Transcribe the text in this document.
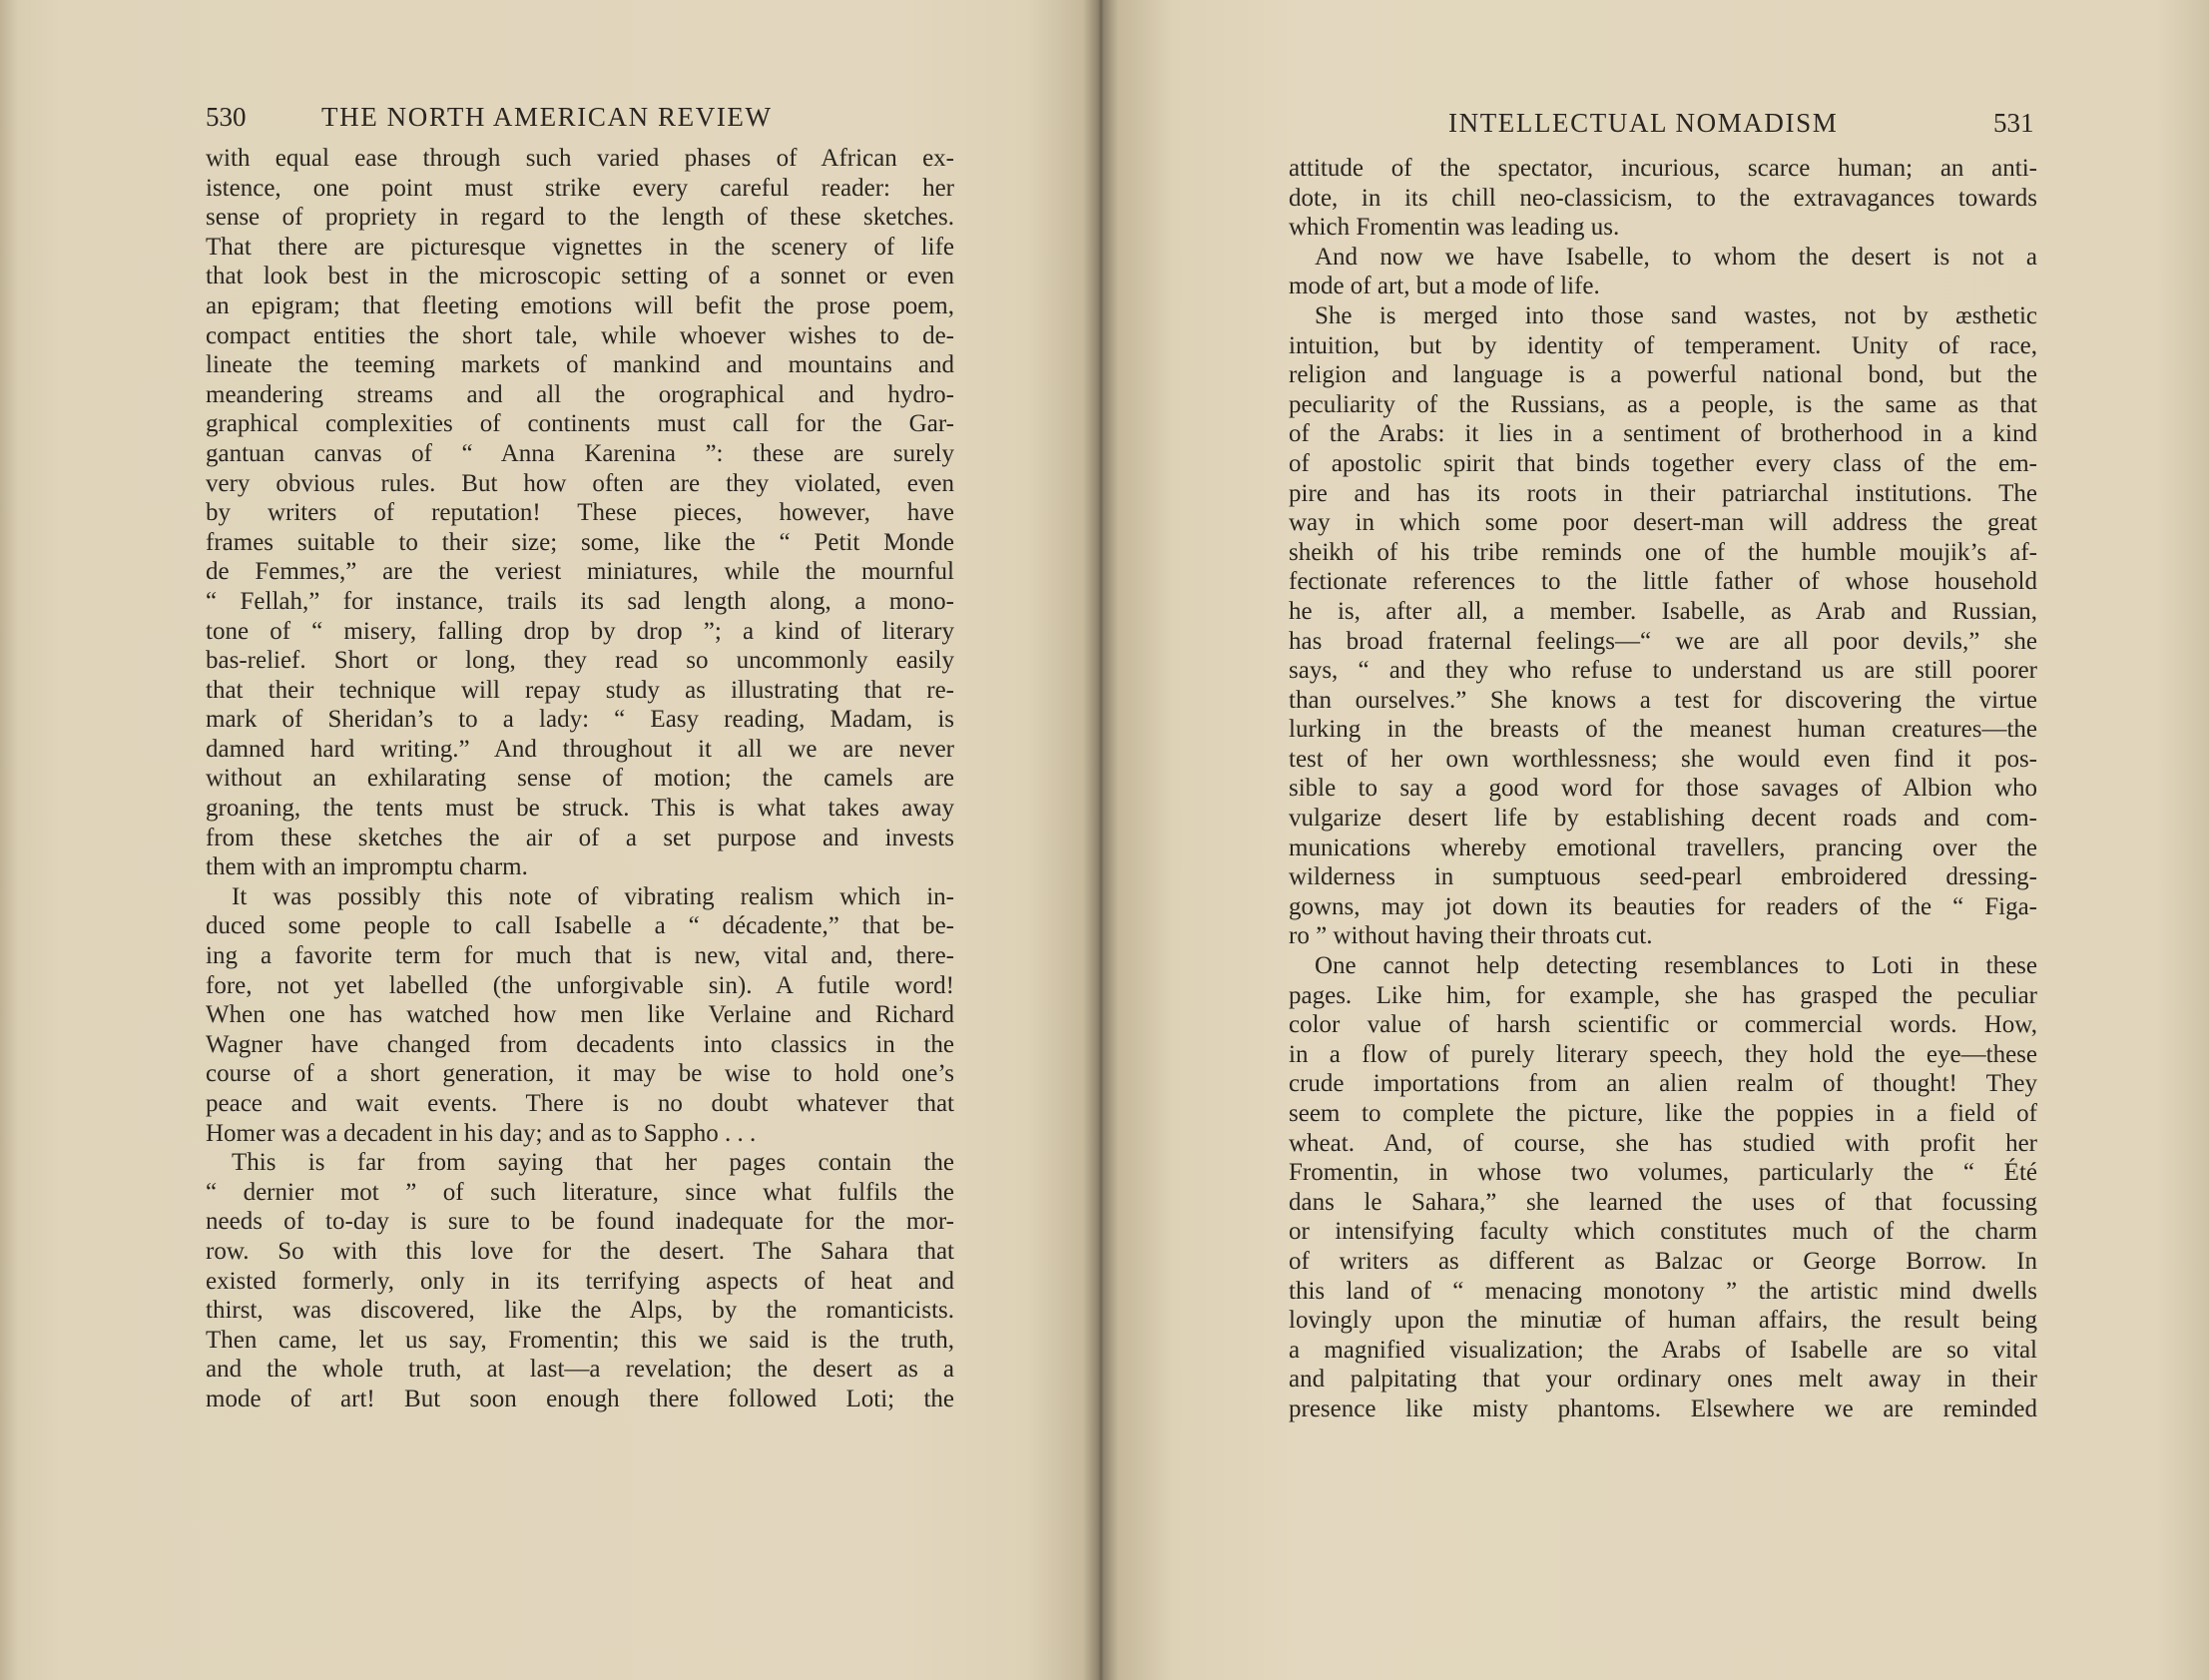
530	THE NORTH AMERICAN REVIEW
with equal ease through such varied phases of African ex-
istence, one point must strike every careful reader: her
sense of propriety in regard to the length of these sketches.
That there are picturesque vignettes in the scenery of life
that look best in the microscopic setting of a sonnet or even
an epigram; that fleeting emotions will befit the prose poem,
compact entities the short tale, while whoever wishes to de-
lineate the teeming markets of mankind and mountains and
meandering streams and all the orographical and hydro-
graphical complexities of continents must call for the Gar-
gantuan canvas of “ Anna Karenina ”: these are surely
very obvious rules. But how often are they violated, even
by writers of reputation! These pieces, however, have
frames suitable to their size; some, like the “ Petit Monde
de Femmes,” are the veriest miniatures, while the mournful
“ Fellah,” for instance, trails its sad length along, a mono-
tone of “ misery, falling drop by drop ”; a kind of literary
bas-relief. Short or long, they read so uncommonly easily
that their technique will repay study as illustrating that re-
mark of Sheridan’s to a lady: “ Easy reading, Madam, is
damned hard writing.” And throughout it all we are never
without an exhilarating sense of motion; the camels are
groaning, the tents must be struck. This is what takes away
from these sketches the air of a set purpose and invests
them with an impromptu charm.
It was possibly this note of vibrating realism which in-
duced some people to call Isabelle a “ décadente,” that be-
ing a favorite term for much that is new, vital and, there-
fore, not yet labelled (the unforgivable sin). A futile word!
When one has watched how men like Verlaine and Richard
Wagner have changed from decadents into classics in the
course of a short generation, it may be wise to hold one’s
peace and wait events. There is no doubt whatever that
Homer was a decadent in his day; and as to Sappho . . .
This is far from saying that her pages contain the
“ dernier mot ” of such literature, since what fulfils the
needs of to-day is sure to be found inadequate for the mor-
row. So with this love for the desert. The Sahara that
existed formerly, only in its terrifying aspects of heat and
thirst, was discovered, like the Alps, by the romanticists.
Then came, let us say, Fromentin; this we said is the truth,
and the whole truth, at last—a revelation; the desert as a
mode of art! But soon enough there followed Loti; the
INTELLECTUAL NOMADISM	531
attitude of the spectator, incurious, scarce human; an anti-
dote, in its chill neo-classicism, to the extravagances towards
which Fromentin was leading us.
And now we have Isabelle, to whom the desert is not a
mode of art, but a mode of life.
She is merged into those sand wastes, not by æsthetic
intuition, but by identity of temperament. Unity of race,
religion and language is a powerful national bond, but the
peculiarity of the Russians, as a people, is the same as that
of the Arabs: it lies in a sentiment of brotherhood in a kind
of apostolic spirit that binds together every class of the em-
pire and has its roots in their patriarchal institutions. The
way in which some poor desert-man will address the great
sheikh of his tribe reminds one of the humble moujik’s af-
fectionate references to the little father of whose household
he is, after all, a member. Isabelle, as Arab and Russian,
has broad fraternal feelings—“ we are all poor devils,” she
says, “ and they who refuse to understand us are still poorer
than ourselves.” She knows a test for discovering the virtue
lurking in the breasts of the meanest human creatures—the
test of her own worthlessness; she would even find it pos-
sible to say a good word for those savages of Albion who
vulgarize desert life by establishing decent roads and com-
munications whereby emotional travellers, prancing over the
wilderness in sumptuous seed-pearl embroidered dressing-
gowns, may jot down its beauties for readers of the “ Figa-
ro ” without having their throats cut.
One cannot help detecting resemblances to Loti in these
pages. Like him, for example, she has grasped the peculiar
color value of harsh scientific or commercial words. How,
in a flow of purely literary speech, they hold the eye—these
crude importations from an alien realm of thought! They
seem to complete the picture, like the poppies in a field of
wheat. And, of course, she has studied with profit her
Fromentin, in whose two volumes, particularly the “ Été
dans le Sahara,” she learned the uses of that focussing
or intensifying faculty which constitutes much of the charm
of writers as different as Balzac or George Borrow. In
this land of “ menacing monotony ” the artistic mind dwells
lovingly upon the minutiæ of human affairs, the result being
a magnified visualization; the Arabs of Isabelle are so vital
and palpitating that your ordinary ones melt away in their
presence like misty phantoms. Elsewhere we are reminded
